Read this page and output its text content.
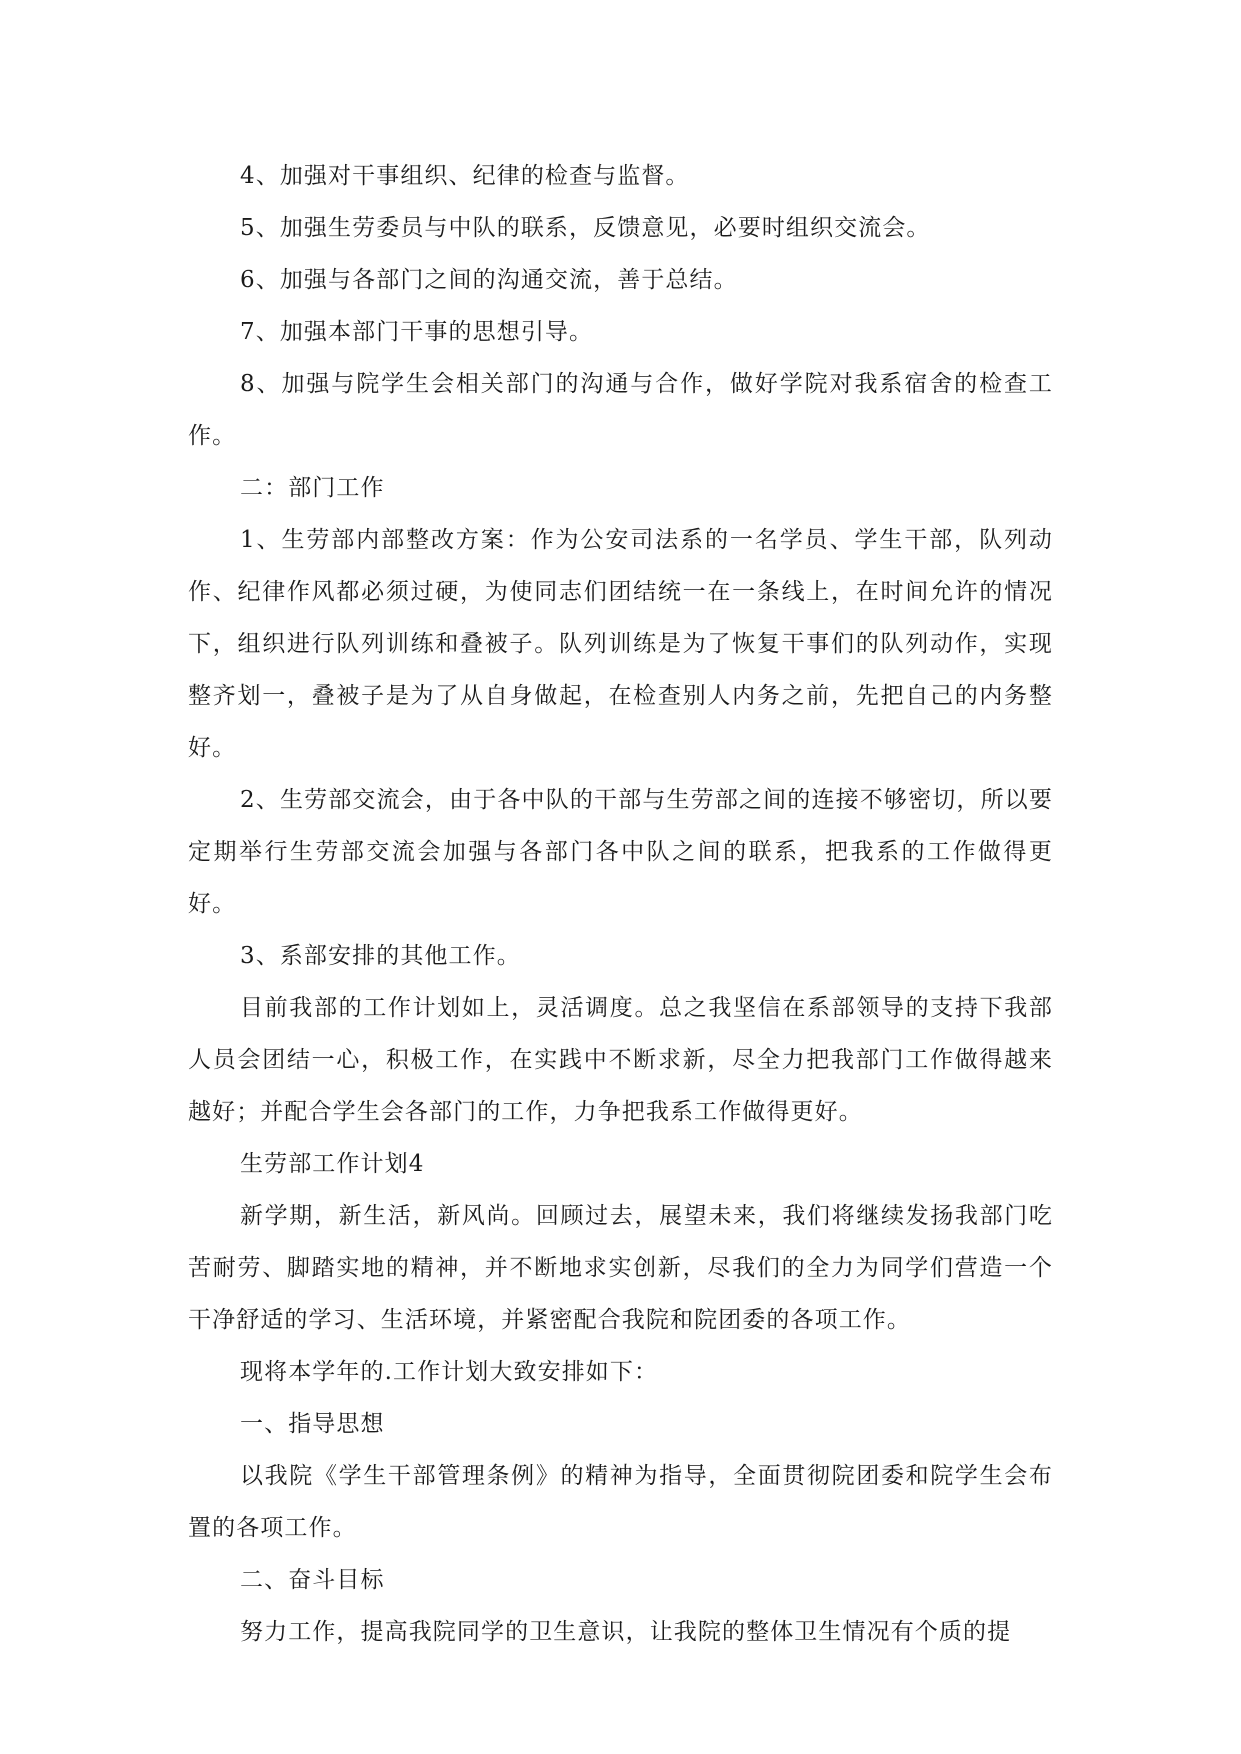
4、加强对干事组织、纪律的检查与监督。

5、加强生劳委员与中队的联系，反馈意见，必要时组织交流会。

6、加强与各部门之间的沟通交流，善于总结。

7、加强本部门干事的思想引导。

8、加强与院学生会相关部门的沟通与合作，做好学院对我系宿舍的检查工作。

二：部门工作

1、生劳部内部整改方案：作为公安司法系的一名学员、学生干部，队列动作、纪律作风都必须过硬，为使同志们团结统一在一条线上，在时间允许的情况下，组织进行队列训练和叠被子。队列训练是为了恢复干事们的队列动作，实现整齐划一，叠被子是为了从自身做起，在检查别人内务之前，先把自己的内务整好。

2、生劳部交流会，由于各中队的干部与生劳部之间的连接不够密切，所以要定期举行生劳部交流会加强与各部门各中队之间的联系，把我系的工作做得更好。

3、系部安排的其他工作。

目前我部的工作计划如上，灵活调度。总之我坚信在系部领导的支持下我部人员会团结一心，积极工作，在实践中不断求新，尽全力把我部门工作做得越来越好；并配合学生会各部门的工作，力争把我系工作做得更好。

生劳部工作计划4

新学期，新生活，新风尚。回顾过去，展望未来，我们将继续发扬我部门吃苦耐劳、脚踏实地的精神，并不断地求实创新，尽我们的全力为同学们营造一个干净舒适的学习、生活环境，并紧密配合我院和院团委的各项工作。

现将本学年的.工作计划大致安排如下：

一、指导思想

以我院《学生干部管理条例》的精神为指导，全面贯彻院团委和院学生会布置的各项工作。

二、奋斗目标

努力工作，提高我院同学的卫生意识，让我院的整体卫生情况有个质的提
